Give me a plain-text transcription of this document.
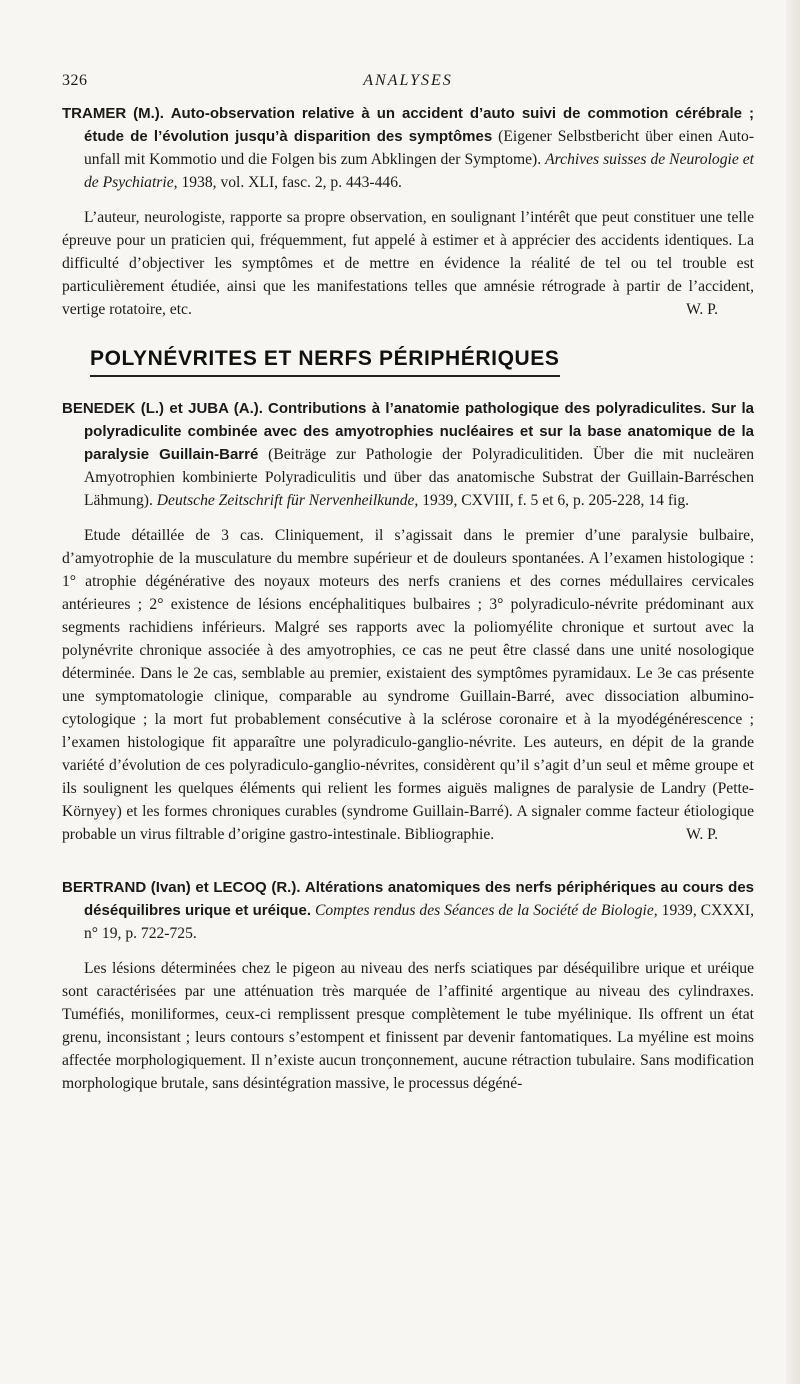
326	ANALYSES

TRAMER (M.). Auto-observation relative à un accident d’auto suivi de commotion cérébrale ; étude de l’évolution jusqu’à disparition des symptômes (Eigener Selbstbericht über einen Auto-unfall mit Kommotio und die Folgen bis zum Abklingen der Symptome). Archives suisses de Neurologie et de Psychiatrie, 1938, vol. XLI, fasc. 2, p. 443-446.

L’auteur, neurologiste, rapporte sa propre observation, en soulignant l’intérêt que peut constituer une telle épreuve pour un praticien qui, fréquemment, fut appelé à estimer et à apprécier des accidents identiques. La difficulté d’objectiver les symptômes et de mettre en évidence la réalité de tel ou tel trouble est particulièrement étudiée, ainsi que les manifestations telles que amnésie rétrograde à partir de l’accident, vertige rotatoire, etc.	W. P.

POLYNÉVRITES ET NERFS PÉRIPHÉRIQUES

BENEDEK (L.) et JUBA (A.). Contributions à l’anatomie pathologique des polyradiculites. Sur la polyradiculite combinée avec des amyotrophies nucléaires et sur la base anatomique de la paralysie Guillain-Barré (Beiträge zur Pathologie der Polyradiculitiden. Über die mit nucleären Amyotrophien kombinierte Polyradiculitis und über das anatomische Substrat der Guillain-Barréschen Lähmung). Deutsche Zeitschrift für Nervenheilkunde, 1939, CXVIII, f. 5 et 6, p. 205-228, 14 fig.

Etude détaillée de 3 cas. Cliniquement, il s’agissait dans le premier d’une paralysie bulbaire, d’amyotrophie de la musculature du membre supérieur et de douleurs spontanées. A l’examen histologique : 1° atrophie dégénérative des noyaux moteurs des nerfs craniens et des cornes médullaires cervicales antérieures ; 2° existence de lésions encéphalitiques bulbaires ; 3° polyradiculo-névrite prédominant aux segments rachidiens inférieurs. Malgré ses rapports avec la poliomyélite chronique et surtout avec la polynévrite chronique associée à des amyotrophies, ce cas ne peut être classé dans une unité nosologique déterminée. Dans le 2e cas, semblable au premier, existaient des symptômes pyramidaux. Le 3e cas présente une symptomatologie clinique, comparable au syndrome Guillain-Barré, avec dissociation albumino-cytologique ; la mort fut probablement consécutive à la sclérose coronaire et à la myodégénérescence ; l’examen histologique fit apparaître une polyradiculo-ganglio-névrite. Les auteurs, en dépit de la grande variété d’évolution de ces polyradiculo-ganglio-névrites, considèrent qu’il s’agit d’un seul et même groupe et ils soulignent les quelques éléments qui relient les formes aiguës malignes de paralysie de Landry (Pette-Környey) et les formes chroniques curables (syndrome Guillain-Barré). A signaler comme facteur étiologique probable un virus filtrable d’origine gastro-intestinale. Bibliographie.	W. P.

BERTRAND (Ivan) et LECOQ (R.). Altérations anatomiques des nerfs périphériques au cours des déséquilibres urique et uréique. Comptes rendus des Séances de la Société de Biologie, 1939, CXXXI, n° 19, p. 722-725.

Les lésions déterminées chez le pigeon au niveau des nerfs sciatiques par déséquilibre urique et uréique sont caractérisées par une atténuation très marquée de l’affinité argentique au niveau des cylindraxes. Tuméfiés, moniliformes, ceux-ci remplissent presque complètement le tube myélinique. Ils offrent un état grenu, inconsistant ; leurs contours s’estompent et finissent par devenir fantomatiques. La myéline est moins affectée morphologiquement. Il n’existe aucun tronçonnement, aucune rétraction tubulaire. Sans modification morphologique brutale, sans désintégration massive, le processus dégéné-
